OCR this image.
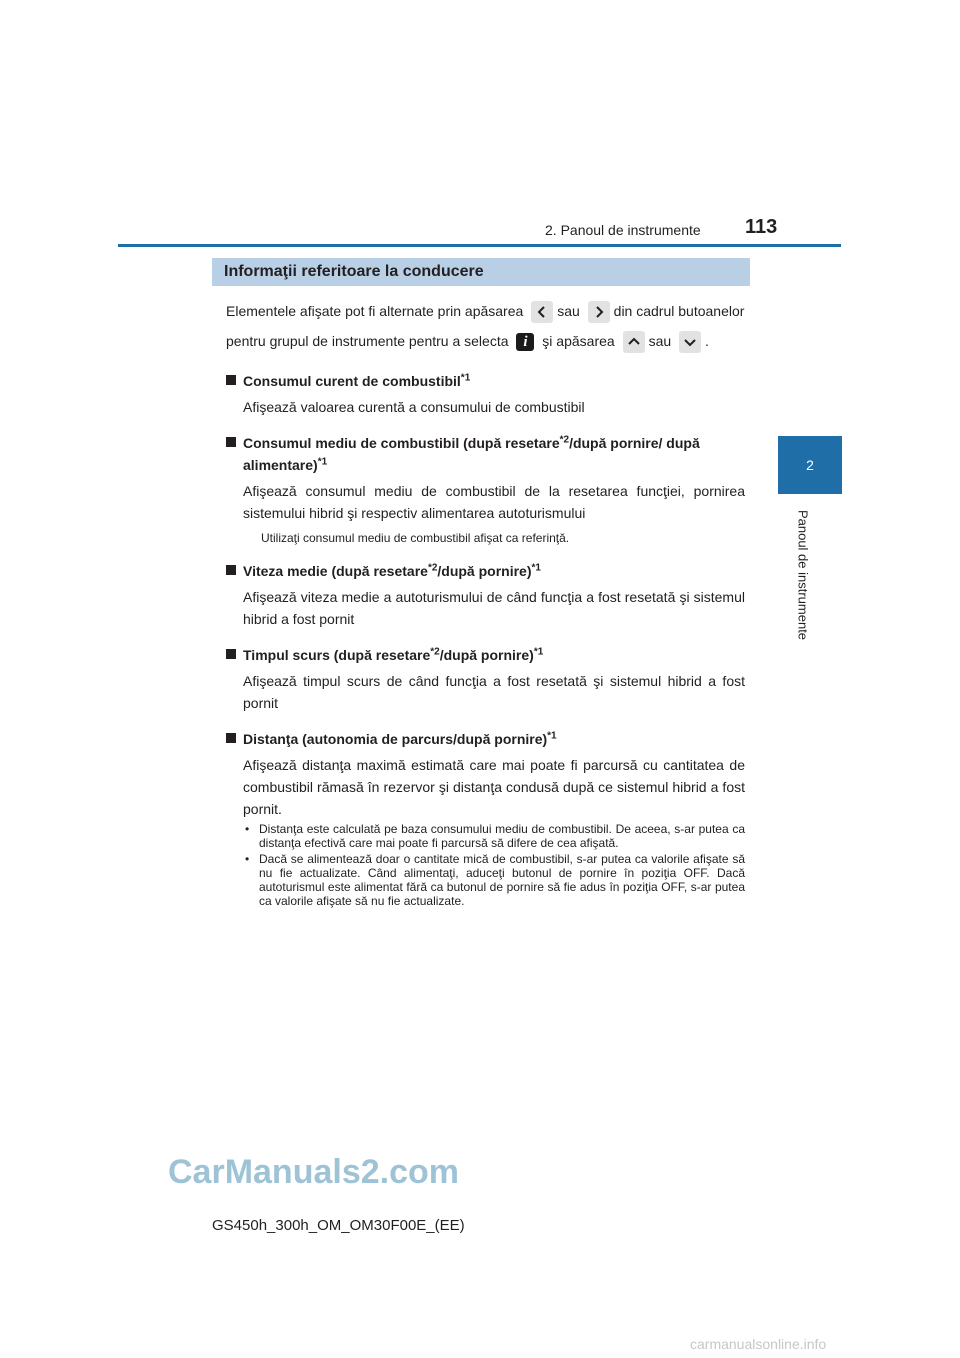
2. Panoul de instrumente 113
2
Panoul de instrumente
Informaţii referitoare la conducere

Elementele afişate pot fi alternate prin apăsarea sau din cadrul butoanelor
pentru grupul de instrumente pentru a selecta i şi apăsarea sau .

Consumul curent de combustibil$^{*1}$

Afişează valoarea curentă a consumului de combustibil

Consumul mediu de combustibil (după resetare$^{*2}$/după pornire/ după alimentare)$^{*1}$

Afişează consumul mediu de combustibil de la resetarea funcţiei, pornirea sistemului hibrid şi respectiv alimentarea autoturismului

Utilizaţi consumul mediu de combustibil afişat ca referinţă.

Viteza medie (după resetare$^{*2}$/după pornire)$^{*1}$

Afişează viteza medie a autoturismului de când funcţia a fost resetată şi sistemul hibrid a fost pornit

Timpul scurs (după resetare$^{*2}$/după pornire)$^{*1}$

Afişează timpul scurs de când funcţia a fost resetată şi sistemul hibrid a fost pornit

Distanţa (autonomia de parcurs/după pornire)$^{*1}$

Afişează distanţa maximă estimată care mai poate fi parcursă cu cantitatea de combustibil rămasă în rezervor şi distanţa condusă după ce sistemul hibrid a fost pornit.

• Distanţa este calculată pe baza consumului mediu de combustibil. De aceea, s-ar putea ca distanţa efectivă care mai poate fi parcursă să difere de cea afişată.
• Dacă se alimentează doar o cantitate mică de combustibil, s-ar putea ca valorile afişate să nu fie actualizate. Când alimentaţi, aduceţi butonul de pornire în poziţia OFF. Dacă autoturismul este alimentat fără ca butonul de pornire să fie adus în poziţia OFF, s-ar putea ca valorile afişate să nu fie actualizate.
CarManuals2.com
GS450h_300h_OM_OM30F00E_(EE)
carmanualsonline.info
